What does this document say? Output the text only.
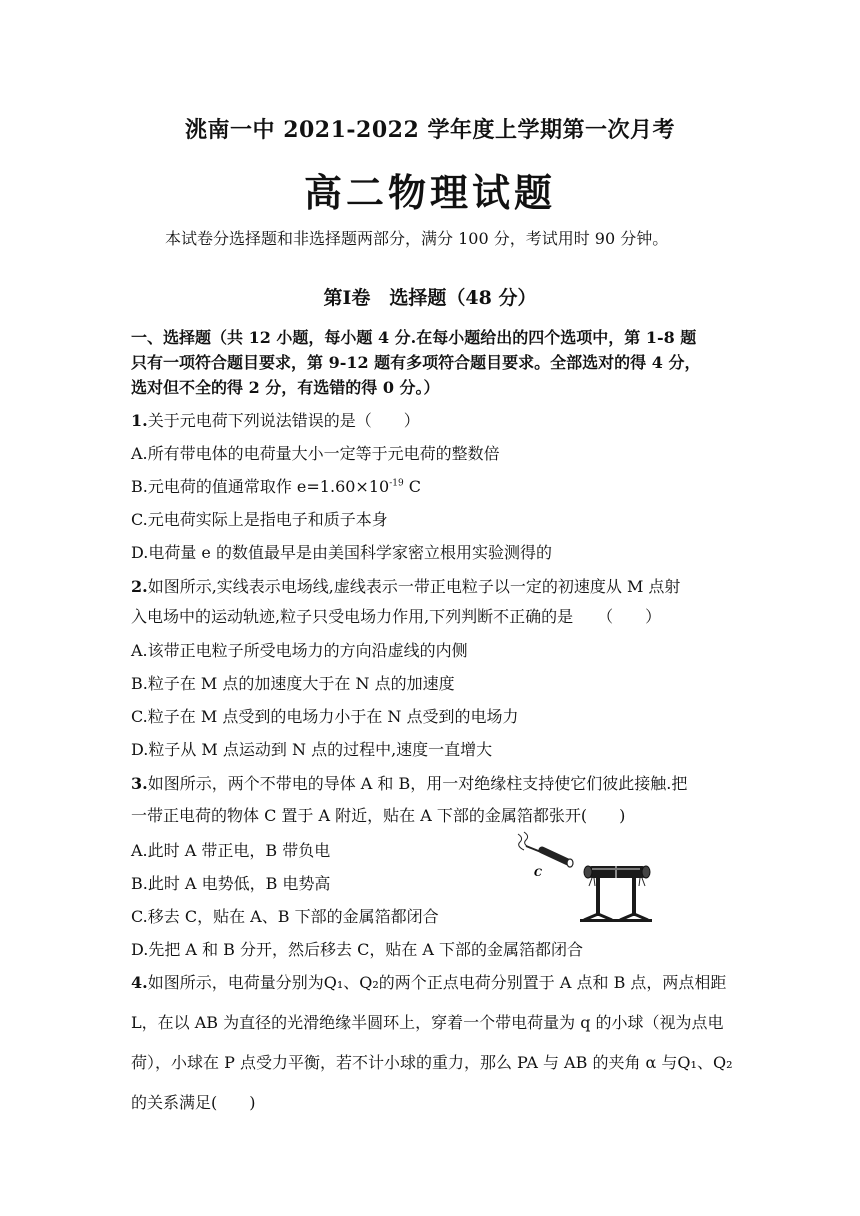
洮南一中 2021-2022 学年度上学期第一次月考
高二物理试题
本试卷分选择题和非选择题两部分，满分 100 分，考试用时 90 分钟。
第Ⅰ卷　选择题（48 分）
一、选择题（共 12 小题，每小题 4 分.在每小题给出的四个选项中，第 1-8 题
只有一项符合题目要求，第 9-12 题有多项符合题目要求。全部选对的得 4 分，
选对但不全的得 2 分，有选错的得 0 分。）
1.关于元电荷下列说法错误的是（　　）
A.所有带电体的电荷量大小一定等于元电荷的整数倍
B.元电荷的值通常取作 $e=1.60\times 10^{-19}$ C
C.元电荷实际上是指电子和质子本身
D.电荷量 e 的数值最早是由美国科学家密立根用实验测得的
2.如图所示,实线表示电场线,虚线表示一带正电粒子以一定的初速度从 M 点射
入电场中的运动轨迹,粒子只受电场力作用,下列判断不正确的是　　（　　）
A.该带正电粒子所受电场力的方向沿虚线的内侧
B.粒子在 M 点的加速度大于在 N 点的加速度
C.粒子在 M 点受到的电场力小于在 N 点受到的电场力
D.粒子从 M 点运动到 N 点的过程中,速度一直增大
3.如图所示，两个不带电的导体 A 和 B，用一对绝缘柱支持使它们彼此接触.把
一带正电荷的物体 C 置于 A 附近，贴在 A 下部的金属箔都张开(　　)
A.此时 A 带正电，B 带负电
B.此时 A 电势低，B 电势高
C.移去 C，贴在 A、B 下部的金属箔都闭合
D.先把 A 和 B 分开，然后移去 C，贴在 A 下部的金属箔都闭合
C
4.如图所示，电荷量分别为Q₁、Q₂的两个正点电荷分别置于 A 点和 B 点，两点相距 L，在以 AB 为直径的光滑绝缘半圆环上，穿着一个带电荷量为 q 的小球（视为点电荷），小球在 P 点受力平衡，若不计小球的重力，那么 PA 与 AB 的夹角 α 与Q₁、Q₂的关系满足(　　)
